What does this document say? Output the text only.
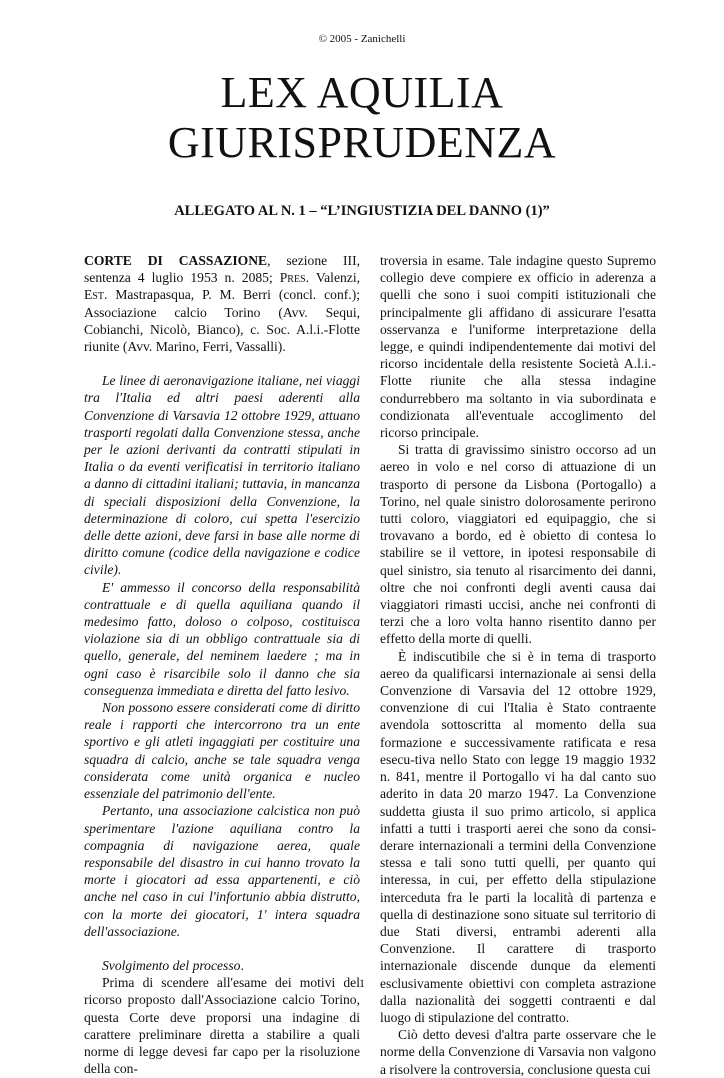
© 2005 - Zanichelli
LEX AQUILIA
GIURISPRUDENZA
ALLEGATO AL N. 1 – “L’INGIUSTIZIA DEL DANNO (1)”

CORTE DI CASSAZIONE, sezione III, sentenza 4 luglio 1953 n. 2085; Pres. Valenzi, Est. Mastrapasqua, P. M. Berri (concl. conf.); Associazione calcio Torino (Avv. Sequi, Cobianchi, Nicolò, Bianco), c. Soc. A.l.i.-Flotte riunite (Avv. Marino, Ferri, Vassalli).

Le linee di aeronavigazione italiane, nei viaggi tra l'Italia ed altri paesi aderenti alla Convenzione di Varsavia 12 ottobre 1929, attuano trasporti regolati dalla Convenzione stessa, anche per le azioni derivanti da contratti stipulati in Italia o da eventi verificatisi in territorio italiano a danno di cittadini italiani; tuttavia, in mancanza di speciali disposizioni della Convenzione, la determinazione di coloro, cui spetta l'esercizio delle dette azioni, deve farsi in base alle norme di diritto comune (codice della navigazione e codice civile).

E' ammesso il concorso della responsabilità contrattuale e di quella aquiliana quando il medesimo fatto, doloso o colposo, costituisca violazione sia di un obbligo contrattuale sia di quello, generale, del neminem laedere ; ma in ogni caso è risarcibile solo il danno che sia conseguenza immediata e diretta del fatto lesivo.

Non possono essere considerati come di diritto reale i rapporti che intercorrono tra un ente sportivo e gli atleti ingaggiati per costituire una squadra di calcio, anche se tale squadra venga considerata come unità organica e nucleo essenziale del patrimonio dell'ente.

Pertanto, una associazione calcistica non può sperimentare l'azione aquiliana contro la compagnia di navigazione aerea, quale responsabile del disastro in cui hanno trovato la morte i giocatori ad essa appartenenti, e ciò anche nel caso in cui l'infortunio abbia distrutto, con la morte dei giocatori, 1' intera squadra dell'associazione.

Svolgimento del processo.

Prima di scendere all'esame dei motivi del ricorso proposto dall'Associazione calcio Torino, questa Corte deve proporsi una indagine di carattere preliminare diretta a stabilire a quali norme di legge devesi far capo per la risoluzione della con-

troversia in esame. Tale indagine questo Supremo collegio deve compiere ex officio in aderenza a quelli che sono i suoi compiti istituzionali che principalmente gli affidano di assicurare l'esatta osservanza e l'uniforme interpretazione della legge, e quindi indipendentemente dai motivi del ricorso incidentale della resistente Società A.l.i.-Flotte riunite che alla stessa indagine condurrebbero ma soltanto in via subordinata e condizionata all'eventuale accoglimento del ricorso principale.

Si tratta di gravissimo sinistro occorso ad un aereo in volo e nel corso di attuazione di un trasporto di persone da Lisbona (Portogallo) a Torino, nel quale sinistro dolorosamente perirono tutti coloro, viaggiatori ed equipaggio, che si trovavano a bordo, ed è obietto di contesa lo stabilire se il vettore, in ipotesi responsabile di quel sinistro, sia tenuto al risarcimento dei danni, oltre che noi confronti degli aventi causa dai viaggiatori rimasti uccisi, anche nei confronti di terzi che a loro volta hanno risentito danno per effetto della morte di quelli.

È indiscutibile che si è in tema di trasporto aereo da qualificarsi internazionale ai sensi della Convenzione di Varsavia del 12 ottobre 1929, convenzione di cui l'Italia è Stato contraente avendola sottoscritta al momento della sua formazione e successivamente ratificata e resa esecu-tiva nello Stato con legge 19 maggio 1932 n. 841, mentre il Portogallo vi ha dal canto suo aderito in data 20 marzo 1947. La Convenzione suddetta giusta il suo primo articolo, si applica infatti a tutti i trasporti aerei che sono da consi-derare internazionali a termini della Convenzione stessa e tali sono tutti quelli, per quanto qui interessa, in cui, per effetto della stipulazione interceduta fra le parti la località di partenza e quella di destinazione sono situate sul territorio di due Stati diversi, entrambi aderenti alla Convenzione. Il carattere di trasporto internazionale discende dunque da elementi esclusivamente obiettivi con completa astrazione dalla nazionalità dei soggetti contraenti e dal luogo di stipulazione del contratto.

Ciò detto devesi d'altra parte osservare che le norme della Convenzione di Varsavia non valgono a risolvere la controversia, conclusione questa cui

1
